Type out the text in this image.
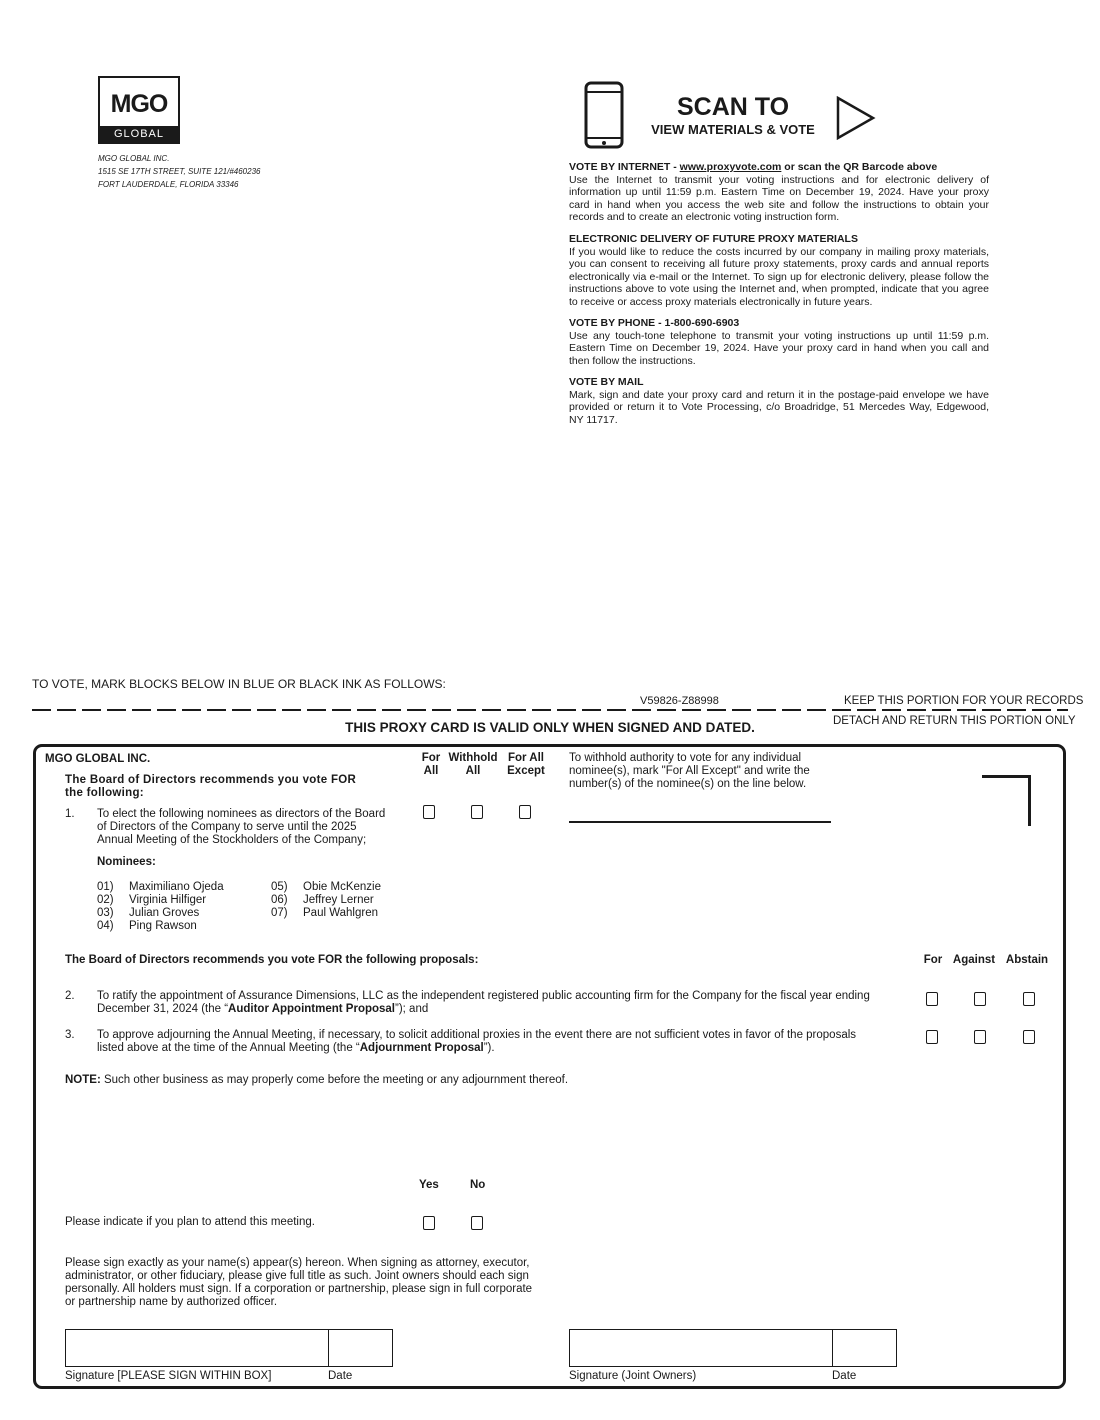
MGO
GLOBAL
MGO GLOBAL INC.
1515 SE 17TH STREET, SUITE 121/#460236
FORT LAUDERDALE, FLORIDA 33346
SCAN TO
VIEW MATERIALS & VOTE
VOTE BY INTERNET - www.proxyvote.com or scan the QR Barcode above
Use the Internet to transmit your voting instructions and for electronic delivery of information up until 11:59 p.m. Eastern Time on December 19, 2024. Have your proxy card in hand when you access the web site and follow the instructions to obtain your records and to create an electronic voting instruction form.
ELECTRONIC DELIVERY OF FUTURE PROXY MATERIALS
If you would like to reduce the costs incurred by our company in mailing proxy materials, you can consent to receiving all future proxy statements, proxy cards and annual reports electronically via e-mail or the Internet. To sign up for electronic delivery, please follow the instructions above to vote using the Internet and, when prompted, indicate that you agree to receive or access proxy materials electronically in future years.
VOTE BY PHONE - 1-800-690-6903
Use any touch-tone telephone to transmit your voting instructions up until 11:59 p.m. Eastern Time on December 19, 2024. Have your proxy card in hand when you call and then follow the instructions.
VOTE BY MAIL
Mark, sign and date your proxy card and return it in the postage-paid envelope we have provided or return it to Vote Processing, c/o Broadridge, 51 Mercedes Way, Edgewood, NY 11717.
TO VOTE, MARK BLOCKS BELOW IN BLUE OR BLACK INK AS FOLLOWS:
V59826-Z88998	KEEP THIS PORTION FOR YOUR RECORDS
DETACH AND RETURN THIS PORTION ONLY
THIS PROXY CARD IS VALID ONLY WHEN SIGNED AND DATED.
MGO GLOBAL INC.
The Board of Directors recommends you vote FOR
the following:
For
All
Withhold
All
For All
Except
To withhold authority to vote for any individual
nominee(s), mark "For All Except" and write the
number(s) of the nominee(s) on the line below.
1. To elect the following nominees as directors of the Board
of Directors of the Company to serve until the 2025
Annual Meeting of the Stockholders of the Company;
Nominees:
01) Maximiliano Ojeda
02) Virginia Hilfiger
03) Julian Groves
04) Ping Rawson
05) Obie McKenzie
06) Jeffrey Lerner
07) Paul Wahlgren
The Board of Directors recommends you vote FOR the following proposals:	For Against Abstain
2. To ratify the appointment of Assurance Dimensions, LLC as the independent registered public accounting firm for the Company for the fiscal year ending
December 31, 2024 (the “Auditor Appointment Proposal”); and
3. To approve adjourning the Annual Meeting, if necessary, to solicit additional proxies in the event there are not sufficient votes in favor of the proposals
listed above at the time of the Annual Meeting (the “Adjournment Proposal”).
NOTE: Such other business as may properly come before the meeting or any adjournment thereof.
Yes	No
Please indicate if you plan to attend this meeting.
Please sign exactly as your name(s) appear(s) hereon. When signing as attorney, executor,
administrator, or other fiduciary, please give full title as such. Joint owners should each sign
personally. All holders must sign. If a corporation or partnership, please sign in full corporate
or partnership name by authorized officer.
Signature [PLEASE SIGN WITHIN BOX]	Date	Signature (Joint Owners)	Date
